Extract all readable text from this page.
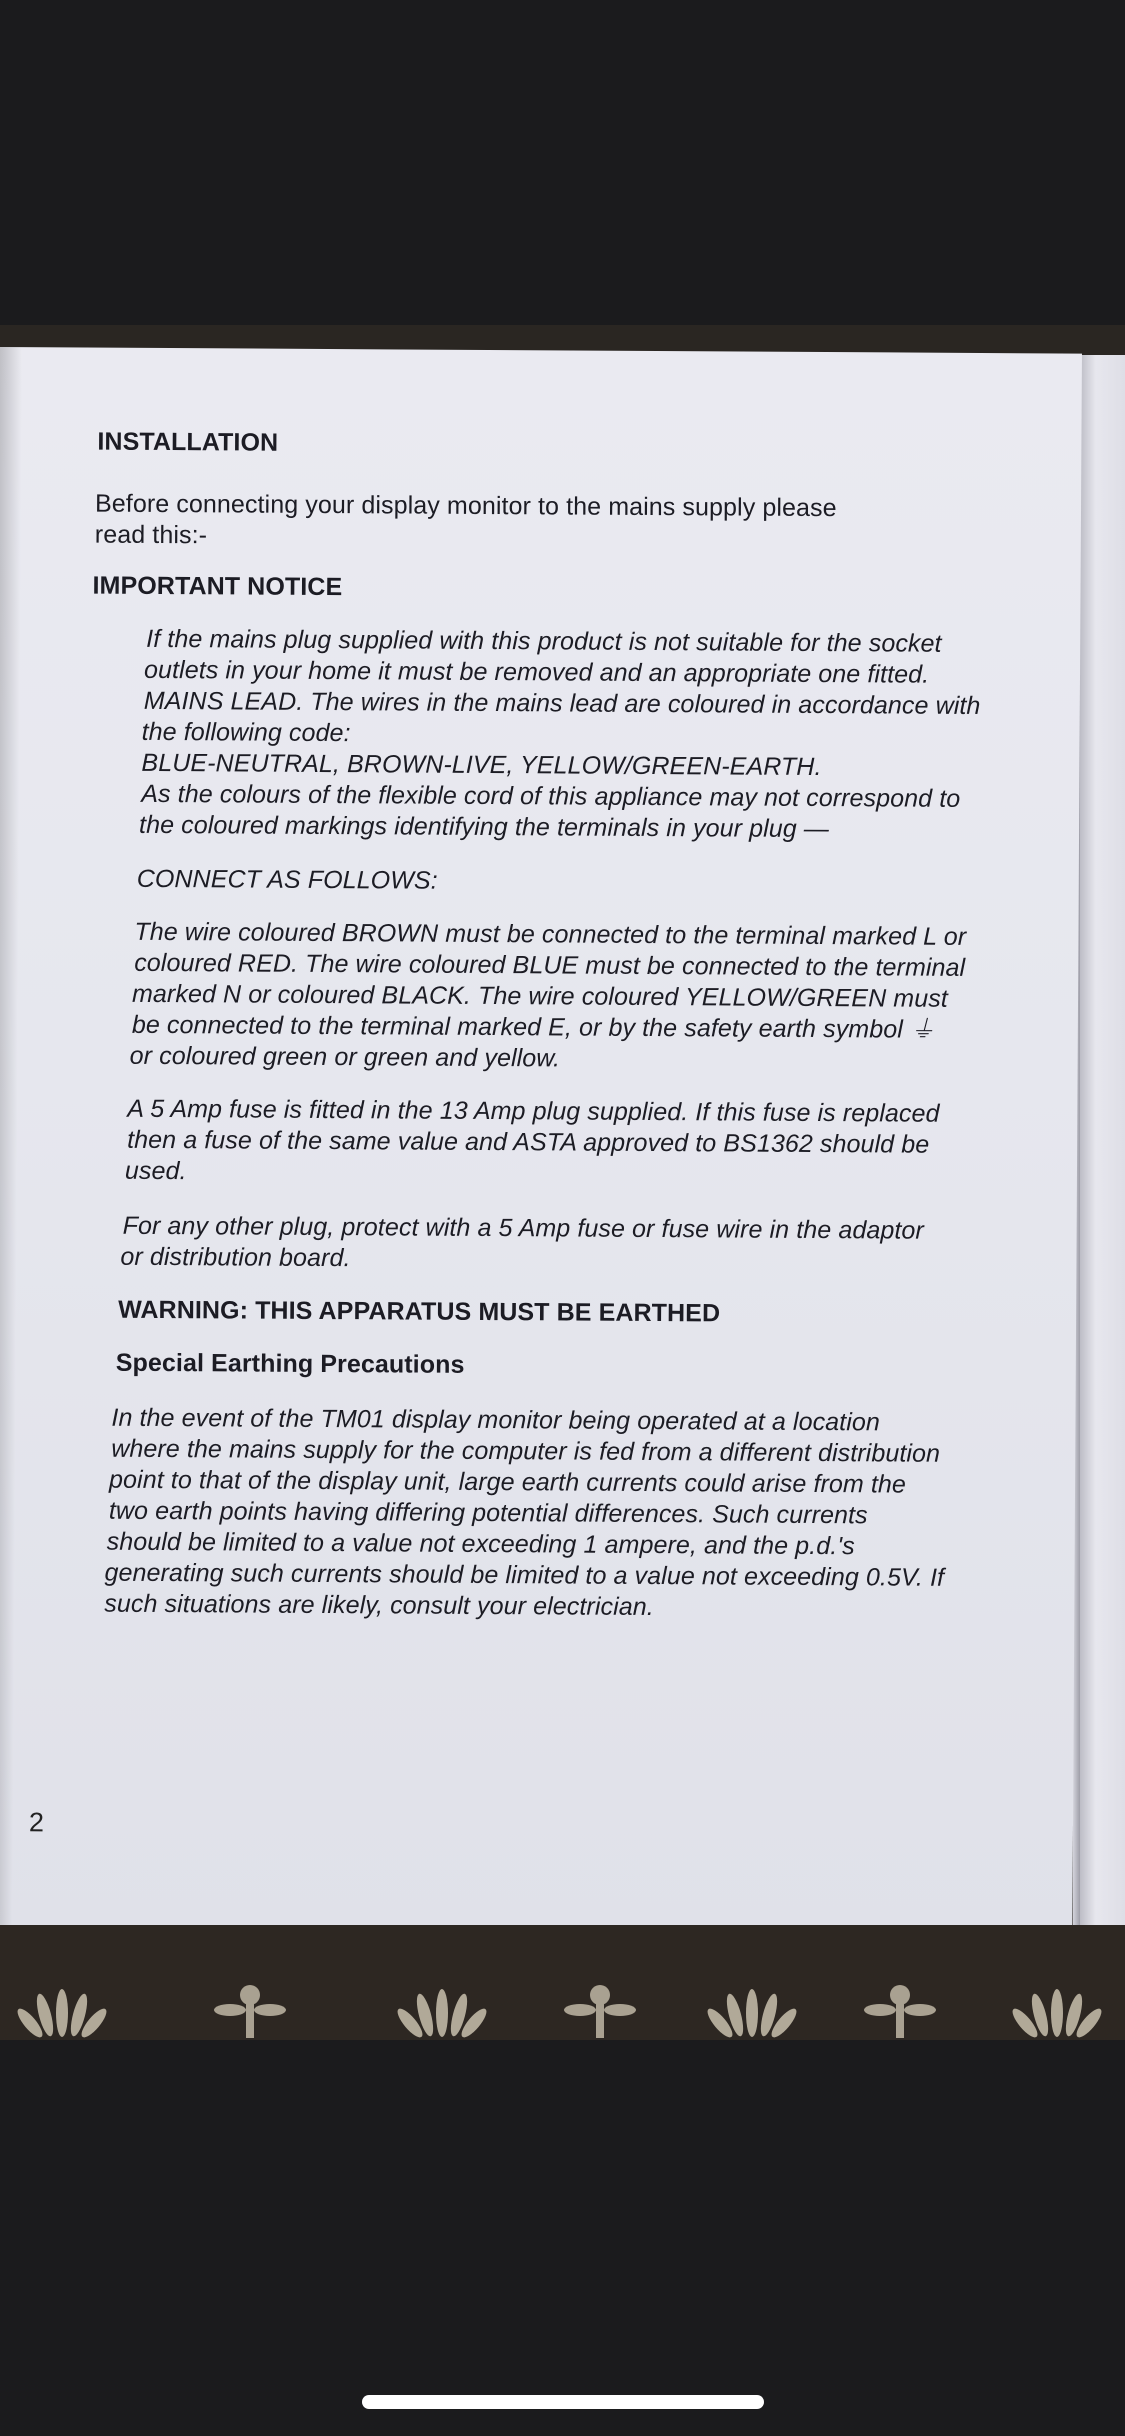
INSTALLATION
Before connecting your display monitor to the mains supply please
read this:-
IMPORTANT NOTICE
If the mains plug supplied with this product is not suitable for the socket
outlets in your home it must be removed and an appropriate one fitted.
MAINS LEAD. The wires in the mains lead are coloured in accordance with
the following code:
BLUE-NEUTRAL, BROWN-LIVE, YELLOW/GREEN-EARTH.
As the colours of the flexible cord of this appliance may not correspond to
the coloured markings identifying the terminals in your plug —
CONNECT AS FOLLOWS:
The wire coloured BROWN must be connected to the terminal marked L or
coloured RED. The wire coloured BLUE must be connected to the terminal
marked N or coloured BLACK. The wire coloured YELLOW/GREEN must
be connected to the terminal marked E, or by the safety earth symbol ⏚
or coloured green or green and yellow.
A 5 Amp fuse is fitted in the 13 Amp plug supplied. If this fuse is replaced
then a fuse of the same value and ASTA approved to BS1362 should be
used.
For any other plug, protect with a 5 Amp fuse or fuse wire in the adaptor
or distribution board.
WARNING: THIS APPARATUS MUST BE EARTHED
Special Earthing Precautions
In the event of the TM01 display monitor being operated at a location
where the mains supply for the computer is fed from a different distribution
point to that of the display unit, large earth currents could arise from the
two earth points having differing potential differences. Such currents
should be limited to a value not exceeding 1 ampere, and the p.d.'s
generating such currents should be limited to a value not exceeding 0.5V. If
such situations are likely, consult your electrician.
2
